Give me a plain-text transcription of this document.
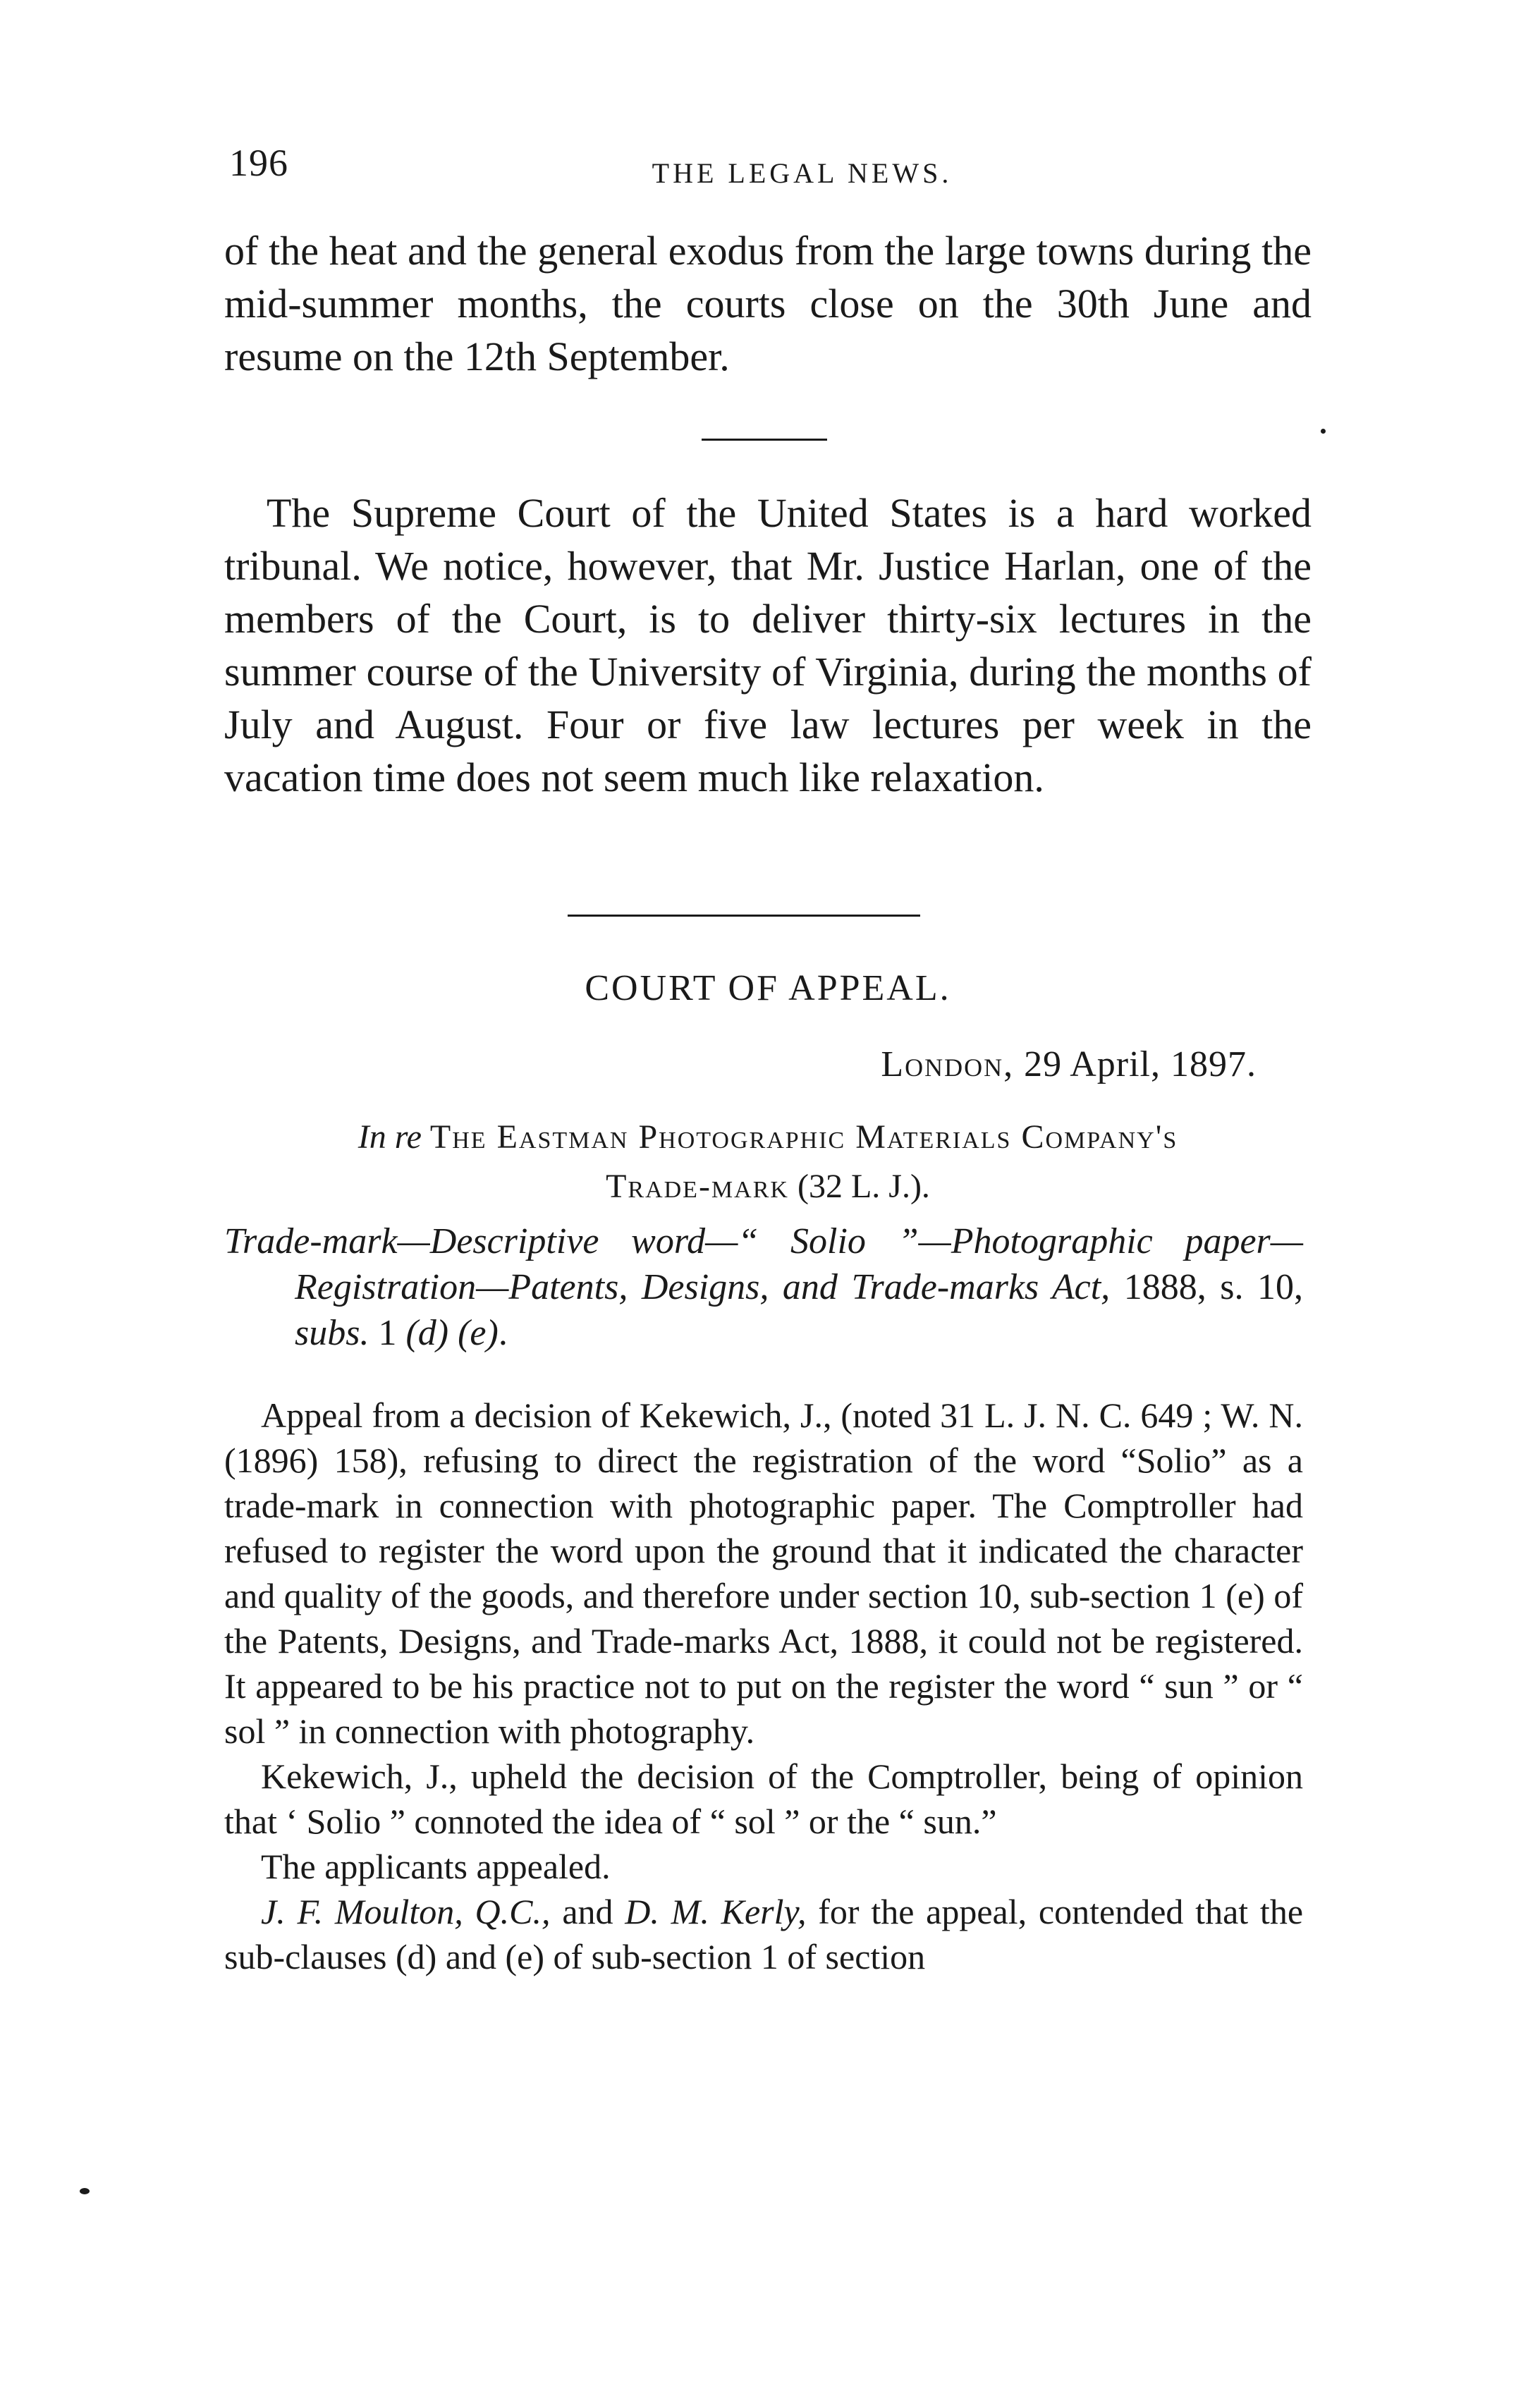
196	THE LEGAL NEWS.

of the heat and the general exodus from the large towns during the mid-summer months, the courts close on the 30th June and resume on the 12th September.

The Supreme Court of the United States is a hard worked tribunal. We notice, however, that Mr. Justice Harlan, one of the members of the Court, is to deliver thirty-six lectures in the summer course of the University of Virginia, during the months of July and August. Four or five law lectures per week in the vacation time does not seem much like relaxation.

COURT OF APPEAL.
London, 29 April, 1897.
In re The Eastman Photographic Materials Company's
Trade-mark (32 L. J.).
Trade-mark—Descriptive word—“ Solio ”—Photographic paper—Registration—Patents, Designs, and Trade-marks Act, 1888, s. 10, subs. 1 (d) (e).

Appeal from a decision of Kekewich, J., (noted 31 L. J. N. C. 649 ; W. N. (1896) 158), refusing to direct the registration of the word “Solio” as a trade-mark in connection with photographic paper. The Comptroller had refused to register the word upon the ground that it indicated the character and quality of the goods, and therefore under section 10, sub-section 1 (e) of the Patents, Designs, and Trade-marks Act, 1888, it could not be registered. It appeared to be his practice not to put on the register the word “ sun ” or “ sol ” in connection with photography.

Kekewich, J., upheld the decision of the Comptroller, being of opinion that ‘ Solio ” connoted the idea of “ sol ” or the “ sun.”

The applicants appealed.

J. F. Moulton, Q.C., and D. M. Kerly, for the appeal, contended that the sub-clauses (d) and (e) of sub-section 1 of section
